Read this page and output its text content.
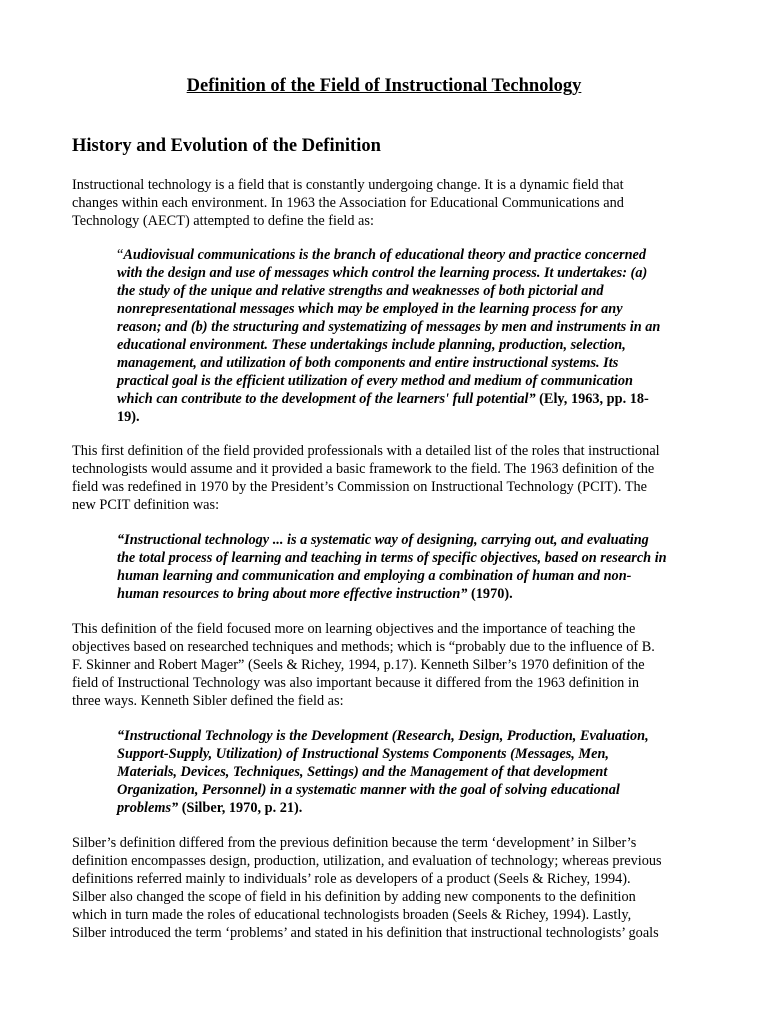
Definition of the Field of Instructional Technology
History and Evolution of the Definition

Instructional technology is a field that is constantly undergoing change. It is a dynamic field that
changes within each environment. In 1963 the Association for Educational Communications and
Technology (AECT) attempted to define the field as:

“Audiovisual communications is the branch of educational theory and practice concerned
with the design and use of messages which control the learning process. It undertakes: (a)
the study of the unique and relative strengths and weaknesses of both pictorial and
nonrepresentational messages which may be employed in the learning process for any
reason; and (b) the structuring and systematizing of messages by men and instruments in an
educational environment. These undertakings include planning, production, selection,
management, and utilization of both components and entire instructional systems. Its
practical goal is the efficient utilization of every method and medium of communication
which can contribute to the development of the learners' full potential” (Ely, 1963, pp. 18-
19).

This first definition of the field provided professionals with a detailed list of the roles that instructional
technologists would assume and it provided a basic framework to the field. The 1963 definition of the
field was redefined in 1970 by the President’s Commission on Instructional Technology (PCIT). The
new PCIT definition was:

“Instructional technology ... is a systematic way of designing, carrying out, and evaluating
the total process of learning and teaching in terms of specific objectives, based on research in
human learning and communication and employing a combination of human and non-
human resources to bring about more effective instruction” (1970).

This definition of the field focused more on learning objectives and the importance of teaching the
objectives based on researched techniques and methods; which is “probably due to the influence of B.
F. Skinner and Robert Mager” (Seels & Richey, 1994, p.17). Kenneth Silber’s 1970 definition of the
field of Instructional Technology was also important because it differed from the 1963 definition in
three ways. Kenneth Sibler defined the field as:

“Instructional Technology is the Development (Research, Design, Production, Evaluation,
Support-Supply, Utilization) of Instructional Systems Components (Messages, Men,
Materials, Devices, Techniques, Settings) and the Management of that development
Organization, Personnel) in a systematic manner with the goal of solving educational
problems” (Silber, 1970, p. 21).

Silber’s definition differed from the previous definition because the term ‘development’ in Silber’s
definition encompasses design, production, utilization, and evaluation of technology; whereas previous
definitions referred mainly to individuals’ role as developers of a product (Seels & Richey, 1994).
Silber also changed the scope of field in his definition by adding new components to the definition
which in turn made the roles of educational technologists broaden (Seels & Richey, 1994). Lastly,
Silber introduced the term ‘problems’ and stated in his definition that instructional technologists’ goals
